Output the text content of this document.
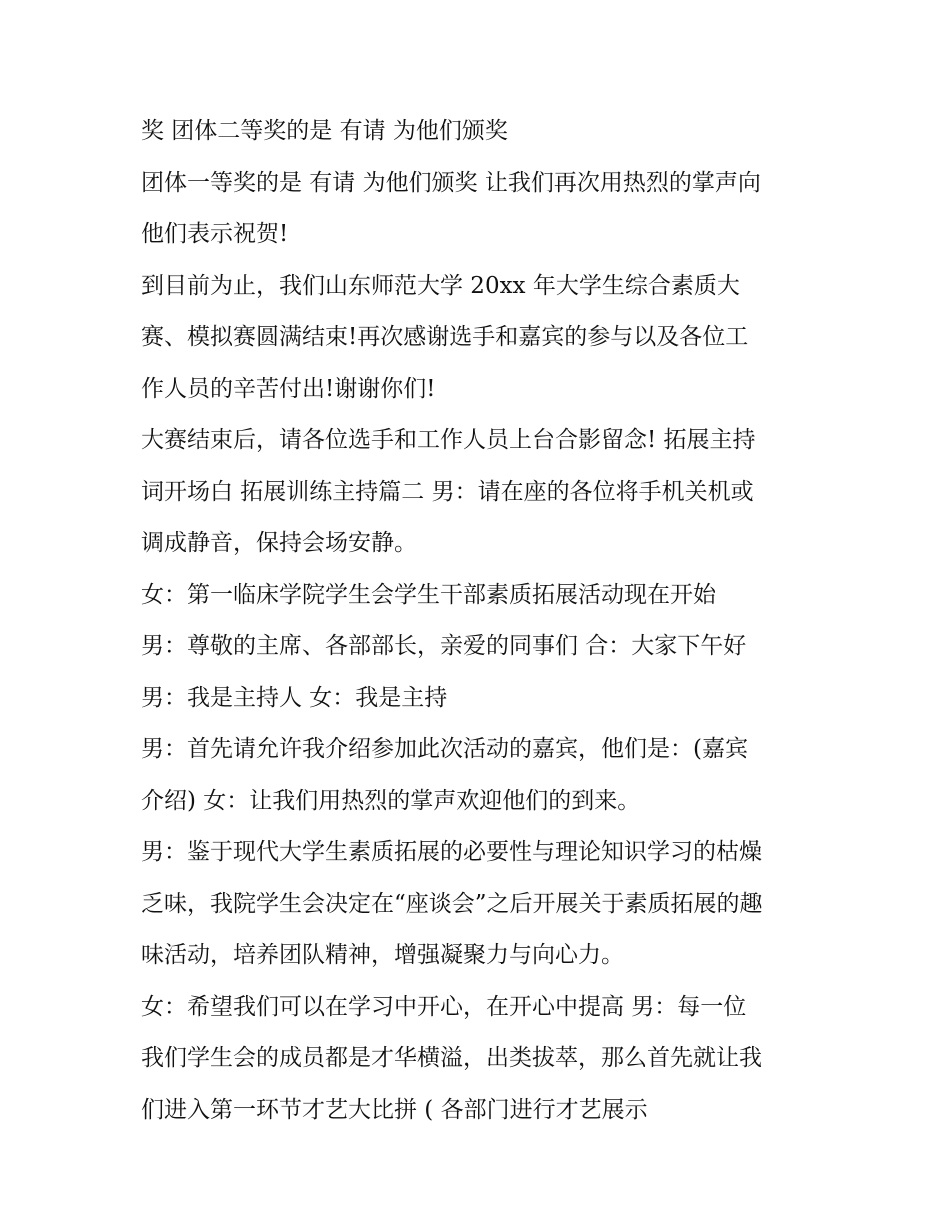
奖 团体二等奖的是 有请 为他们颁奖
团体一等奖的是 有请 为他们颁奖 让我们再次用热烈的掌声向
他们表示祝贺!
到目前为止，我们山东师范大学 20xx 年大学生综合素质大
赛、模拟赛圆满结束!再次感谢选手和嘉宾的参与以及各位工
作人员的辛苦付出!谢谢你们!
大赛结束后，请各位选手和工作人员上台合影留念! 拓展主持
词开场白 拓展训练主持篇二 男：请在座的各位将手机关机或
调成静音，保持会场安静。
女：第一临床学院学生会学生干部素质拓展活动现在开始
男：尊敬的主席、各部部长，亲爱的同事们 合：大家下午好
男：我是主持人 女：我是主持
男：首先请允许我介绍参加此次活动的嘉宾，他们是：(嘉宾
介绍) 女：让我们用热烈的掌声欢迎他们的到来。
男：鉴于现代大学生素质拓展的必要性与理论知识学习的枯燥
乏味，我院学生会决定在“座谈会”之后开展关于素质拓展的趣
味活动，培养团队精神，增强凝聚力与向心力。
女：希望我们可以在学习中开心，在开心中提高 男：每一位
我们学生会的成员都是才华横溢，出类拔萃，那么首先就让我
们进入第一环节才艺大比拼 ( 各部门进行才艺展示
